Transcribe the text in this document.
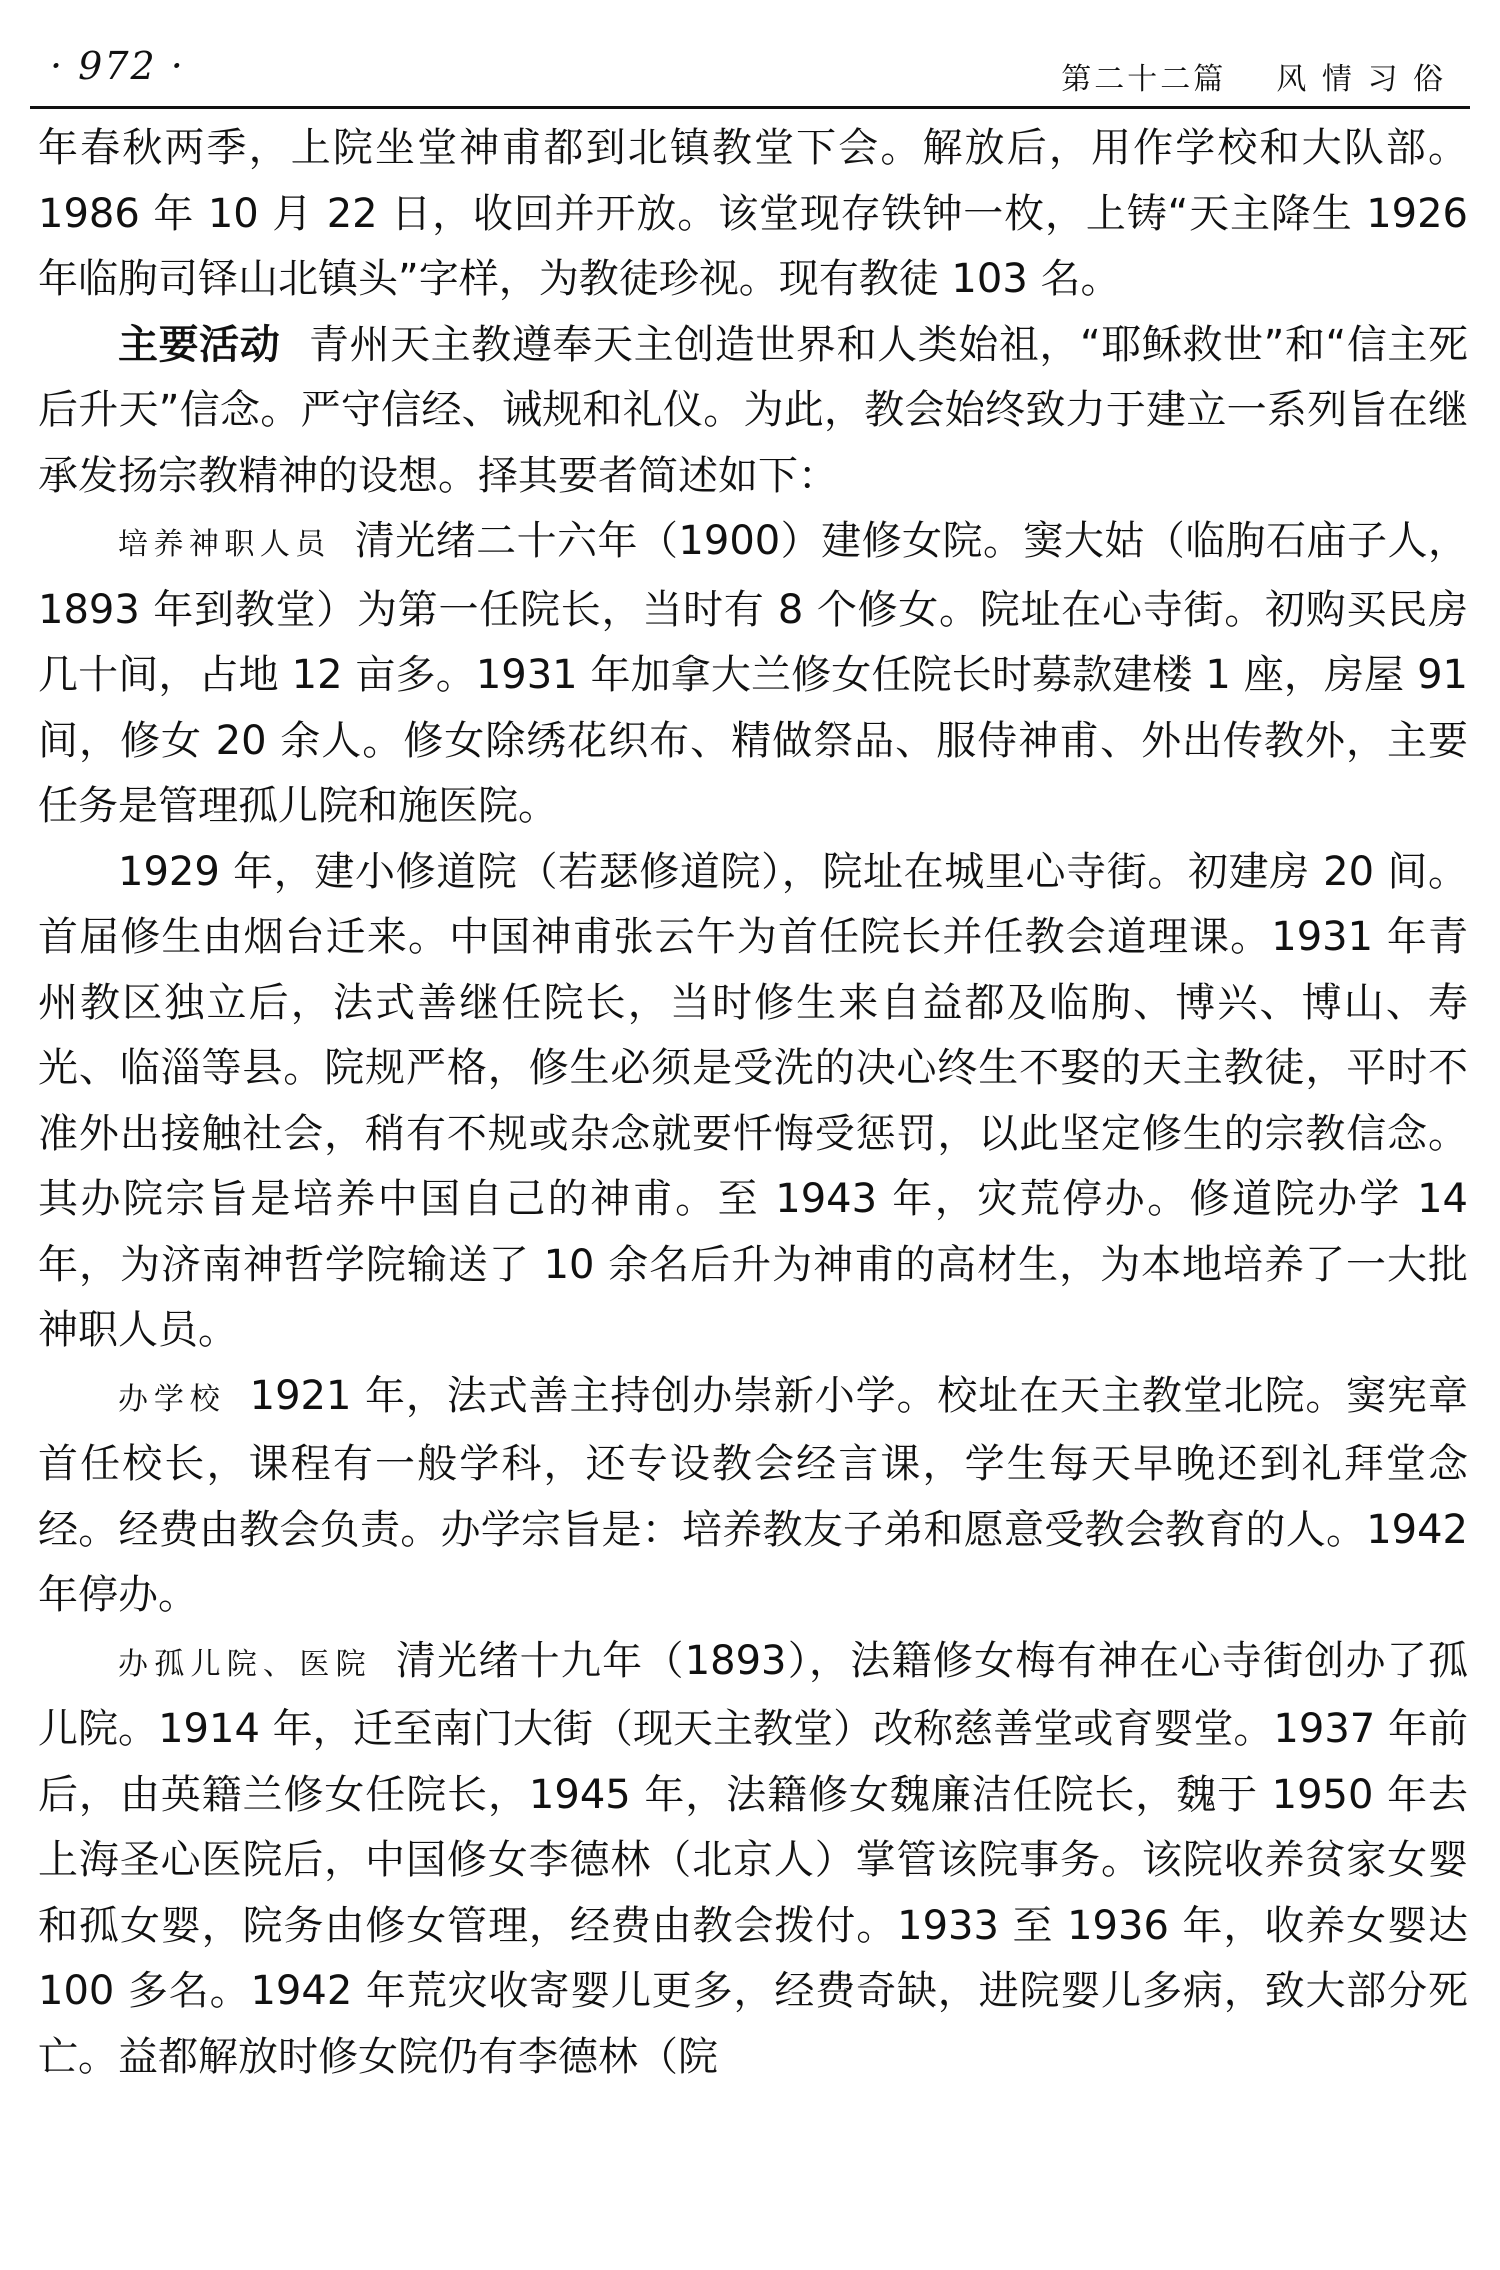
· 972 ·	第二十二篇    风 情 习 俗

年春秋两季，上院坐堂神甫都到北镇教堂下会。解放后，用作学校和大队部。1986 年 10 月 22 日，收回并开放。该堂现存铁钟一枚，上铸“天主降生 1926 年临朐司铎山北镇头”字样，为教徒珍视。现有教徒 103 名。

主要活动 青州天主教遵奉天主创造世界和人类始祖，“耶稣救世”和“信主死后升天”信念。严守信经、诫规和礼仪。为此，教会始终致力于建立一系列旨在继承发扬宗教精神的设想。择其要者简述如下：

培养神职人员 清光绪二十六年（1900）建修女院。窦大姑（临朐石庙子人，1893 年到教堂）为第一任院长，当时有 8 个修女。院址在心寺街。初购买民房几十间，占地 12 亩多。1931 年加拿大兰修女任院长时募款建楼 1 座，房屋 91 间，修女 20 余人。修女除绣花织布、精做祭品、服侍神甫、外出传教外，主要任务是管理孤儿院和施医院。

1929 年，建小修道院（若瑟修道院），院址在城里心寺街。初建房 20 间。首届修生由烟台迁来。中国神甫张云午为首任院长并任教会道理课。1931 年青州教区独立后，法式善继任院长，当时修生来自益都及临朐、博兴、博山、寿光、临淄等县。院规严格，修生必须是受洗的决心终生不娶的天主教徒，平时不准外出接触社会，稍有不规或杂念就要忏悔受惩罚，以此坚定修生的宗教信念。其办院宗旨是培养中国自己的神甫。至 1943 年，灾荒停办。修道院办学 14 年，为济南神哲学院输送了 10 余名后升为神甫的高材生，为本地培养了一大批神职人员。

办学校 1921 年，法式善主持创办崇新小学。校址在天主教堂北院。窦宪章首任校长，课程有一般学科，还专设教会经言课，学生每天早晚还到礼拜堂念经。经费由教会负责。办学宗旨是：培养教友子弟和愿意受教会教育的人。1942 年停办。

办孤儿院、医院 清光绪十九年（1893），法籍修女梅有神在心寺街创办了孤儿院。1914 年，迁至南门大街（现天主教堂）改称慈善堂或育婴堂。1937 年前后，由英籍兰修女任院长，1945 年，法籍修女魏廉洁任院长，魏于 1950 年去上海圣心医院后，中国修女李德林（北京人）掌管该院事务。该院收养贫家女婴和孤女婴，院务由修女管理，经费由教会拨付。1933 至 1936 年，收养女婴达 100 多名。1942 年荒灾收寄婴儿更多，经费奇缺，进院婴儿多病，致大部分死亡。益都解放时修女院仍有李德林（院
